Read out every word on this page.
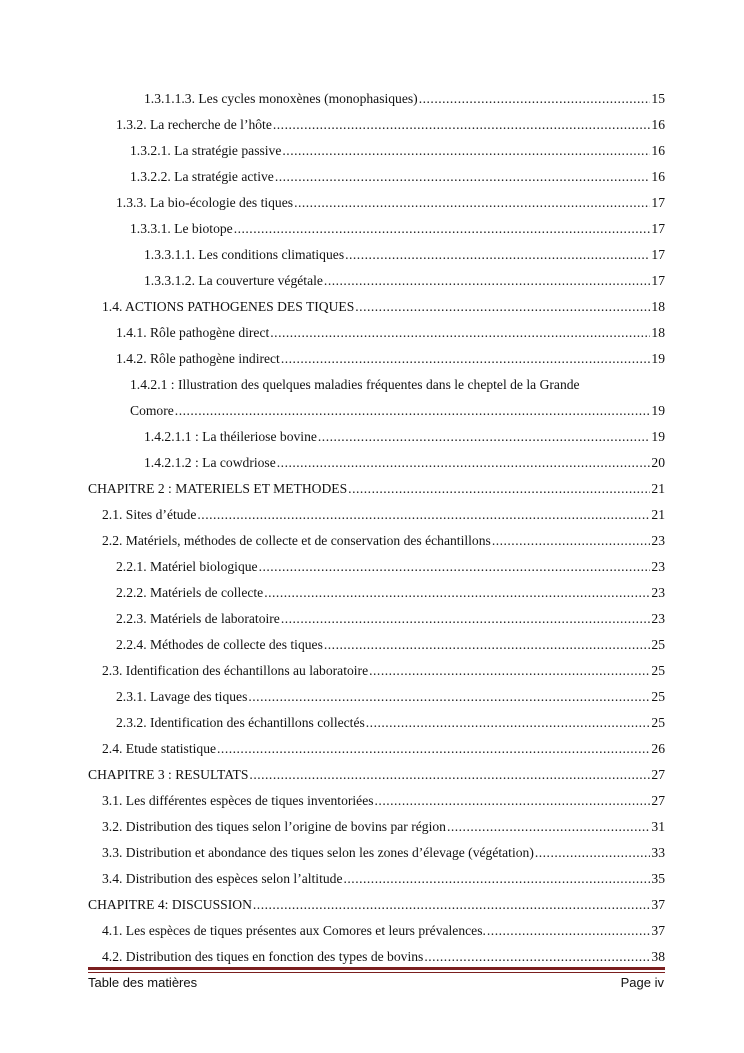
1.3.1.1.3. Les cycles monoxènes (monophasiques) .....	15
1.3.2. La recherche de l’hôte .....	16
1.3.2.1. La stratégie passive .....	16
1.3.2.2. La stratégie active .....	16
1.3.3. La bio-écologie des tiques .....	17
1.3.3.1. Le biotope .....	17
1.3.3.1.1. Les conditions climatiques .....	17
1.3.3.1.2. La couverture végétale .....	17
1.4. ACTIONS PATHOGENES DES TIQUES .....	18
1.4.1. Rôle pathogène direct .....	18
1.4.2. Rôle pathogène indirect .....	19
1.4.2.1 : Illustration des quelques maladies fréquentes dans le cheptel de la Grande
Comore .....	19
1.4.2.1.1 : La théileriose bovine .....	19
1.4.2.1.2 : La cowdriose .....	20
CHAPITRE 2 : MATERIELS ET METHODES .....	21
2.1. Sites d’étude .....	21
2.2. Matériels, méthodes de collecte et de conservation des échantillons .....	23
2.2.1. Matériel biologique .....	23
2.2.2. Matériels de collecte .....	23
2.2.3. Matériels de laboratoire .....	23
2.2.4. Méthodes de collecte des tiques .....	25
2.3. Identification des échantillons au laboratoire .....	25
2.3.1. Lavage des tiques .....	25
2.3.2. Identification des échantillons collectés .....	25
2.4. Etude statistique .....	26
CHAPITRE 3 : RESULTATS .....	27
3.1. Les différentes espèces de tiques inventoriées .....	27
3.2. Distribution des tiques selon l’origine de bovins par région .....	31
3.3. Distribution et abondance des tiques selon les zones d’élevage (végétation) .....	33
3.4. Distribution des espèces selon l’altitude .....	35
CHAPITRE 4: DISCUSSION .....	37
4.1. Les espèces de tiques présentes aux Comores et leurs prévalences. .....	37
4.2. Distribution des tiques en fonction des types de bovins .....	38
Table des matières	Page iv
